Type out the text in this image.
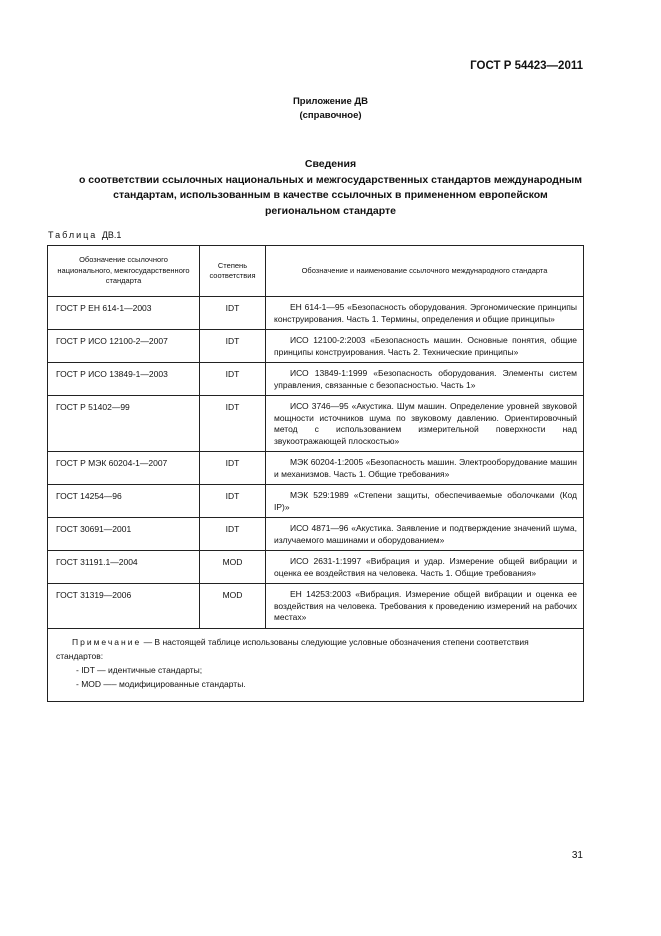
ГОСТ Р 54423—2011
Приложение ДВ
(справочное)
Сведения
о соответствии ссылочных национальных и межгосударственных стандартов международным
стандартам, использованным в качестве ссылочных в примененном европейском
региональном стандарте
Таблица ДВ.1
Обозначение ссылочного национального, межгосударственного стандарта	Степень соответствия	Обозначение и наименование ссылочного международного стандарта
ГОСТ Р ЕН 614-1—2003	IDT	ЕН 614-1—95 «Безопасность оборудования. Эргономические принципы конструирования. Часть 1. Термины, определения и общие принципы»
ГОСТ Р ИСО 12100-2—2007	IDT	ИСО 12100-2:2003 «Безопасность машин. Основные понятия, общие принципы конструирования. Часть 2. Технические принципы»
ГОСТ Р ИСО 13849-1—2003	IDT	ИСО 13849-1:1999 «Безопасность оборудования. Элементы систем управления, связанные с безопасностью. Часть 1»
ГОСТ Р 51402—99	IDT	ИСО 3746—95 «Акустика. Шум машин. Определение уровней звуковой мощности источников шума по звуковому давлению. Ориентировочный метод с использованием измерительной поверхности над звукоотражающей плоскостью»
ГОСТ Р МЭК 60204-1—2007	IDT	МЭК 60204-1:2005 «Безопасность машин. Электрооборудование машин и механизмов. Часть 1. Общие требования»
ГОСТ 14254—96	IDT	МЭК 529:1989 «Степени защиты, обеспечиваемые оболочками (Код IP)»
ГОСТ 30691—2001	IDT	ИСО 4871—96 «Акустика. Заявление и подтверждение значений шума, излучаемого машинами и оборудованием»
ГОСТ 31191.1—2004	MOD	ИСО 2631-1:1997 «Вибрация и удар. Измерение общей вибрации и оценка ее воздействия на человека. Часть 1. Общие требования»
ГОСТ 31319—2006	MOD	ЕН 14253:2003 «Вибрация. Измерение общей вибрации и оценка ее воздействия на человека. Требования к проведению измерений на рабочих местах»

Примечание — В настоящей таблице использованы следующие условные обозначения степени соответствия стандартов:
- IDT — идентичные стандарты;
- MOD —– модифицированные стандарты.		
31
